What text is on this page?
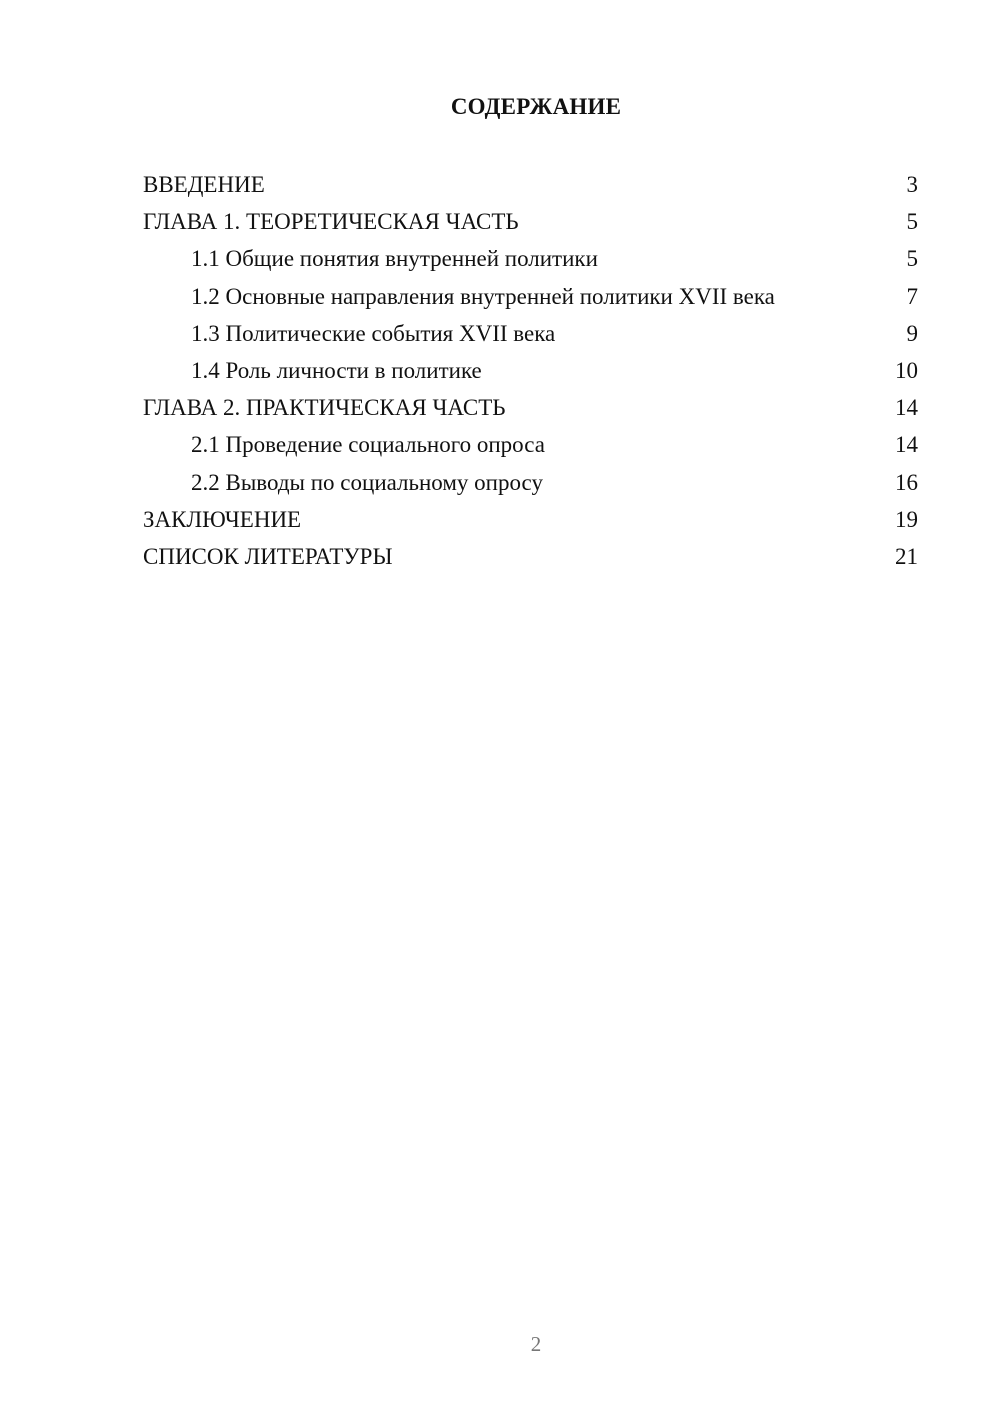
СОДЕРЖАНИЕ
ВВЕДЕНИЕ	3
ГЛАВА 1. ТЕОРЕТИЧЕСКАЯ ЧАСТЬ	5
1.1 Общие понятия внутренней политики	5
1.2 Основные направления внутренней политики XVII века	7
1.3 Политические события XVII века	9
1.4 Роль личности в политике	10
ГЛАВА 2. ПРАКТИЧЕСКАЯ ЧАСТЬ	14
2.1 Проведение социального опроса	14
2.2 Выводы по социальному опросу	16
ЗАКЛЮЧЕНИЕ	19
СПИСОК ЛИТЕРАТУРЫ	21
2
